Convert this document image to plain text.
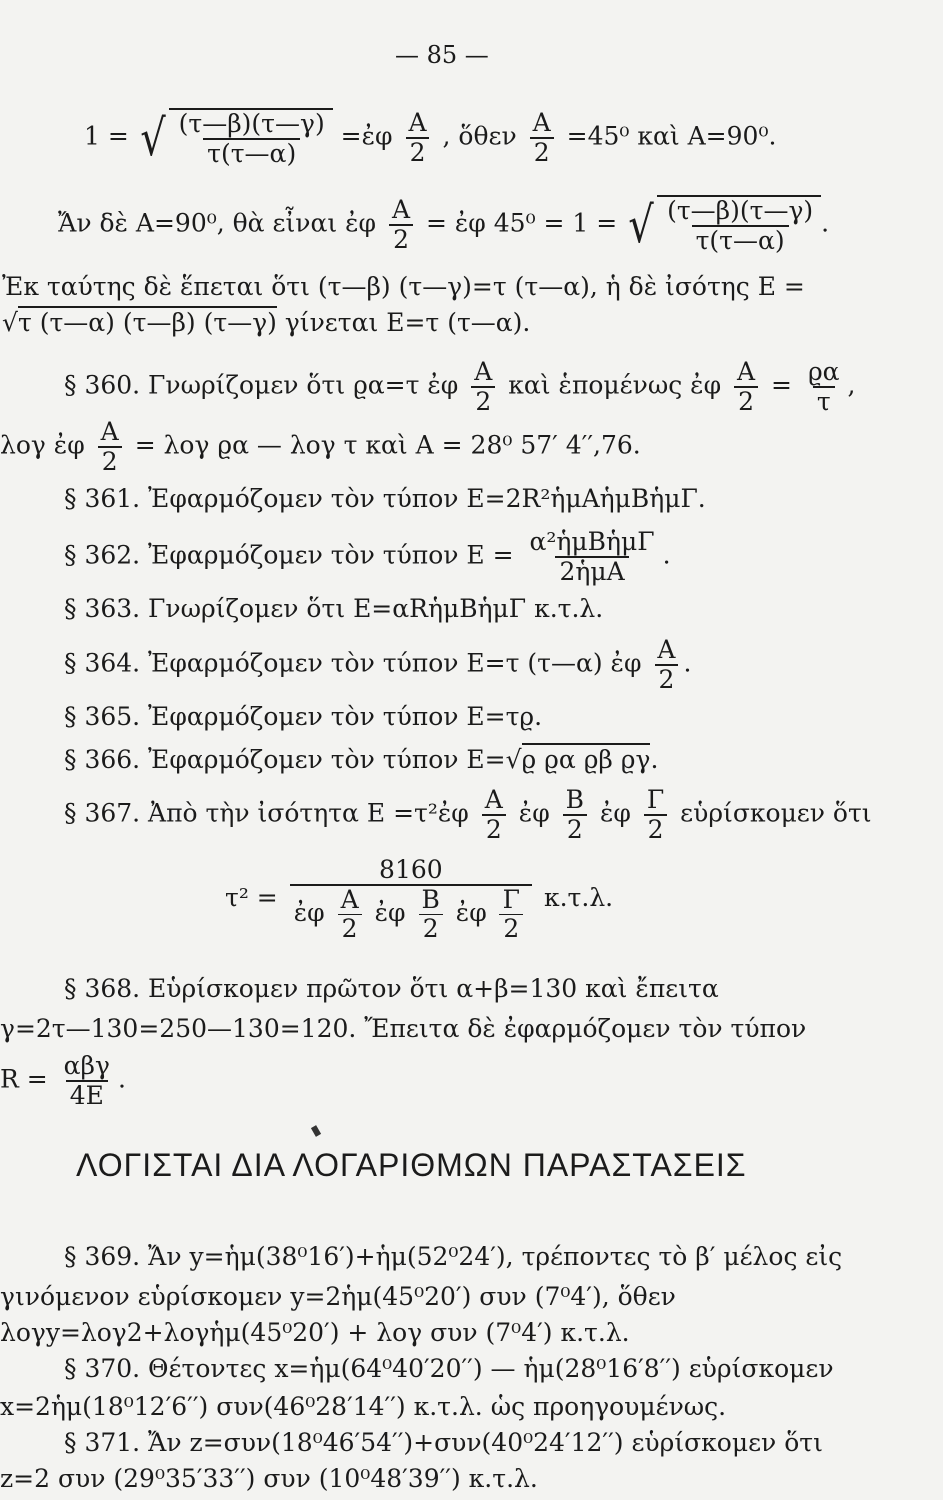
— 85 —
1 = √ $\frac{(\tau—\beta)(\tau—\gamma)}{\tau(\tau—\alpha)}$ =ἐφ $\frac{A}{2}$ , ὅθεν $\frac{A}{2} =45^0$ καὶ A=90⁰.
Ἄν δὲ A=90⁰, θὰ εἶναι ἐφ $\frac{A}{2}$ = ἐφ 45⁰ = 1 = √ $\frac{(\tau—\beta)(\tau—\gamma)}{\tau(\tau—\alpha)}$ .
Ἐκ ταύτης δὲ ἕπεται ὅτι (τ—β) (τ—γ)=τ (τ—α), ἡ δὲ ἰσότης E =
√τ (τ—α) (τ—β) (τ—γ) γίνεται E=τ (τ—α).
§ 360. Γνωρίζομεν ὅτι ϱα=τ ἐφ $\frac{A}{2}$ καὶ ἑπομένως ἐφ $\frac{A}{2} = \frac{ϱ\alpha}{\tau}$ ,
λογ ἐφ $\frac{A}{2} = \lambda o\gamma$ ϱα — λογ τ καὶ A = 28⁰ 57′ 4′′,76.
§ 361. Ἐφαρμόζομεν τὸν τύπον E=2R²ἡμAἡμBἡμΓ.
§ 362. Ἐφαρμόζομεν τὸν τύπον $E = \frac{\text{α²ἡμBἡμΓ}}{\text{2ἡμA}}$ .
§ 363. Γνωρίζομεν ὅτι E=αRἡμBἡμΓ κ.τ.λ.
§ 364. Ἐφαρμόζομεν τὸν τύπον E=τ (τ—α) ἐφ $\frac{A}{2}$ .
§ 365. Ἐφαρμόζομεν τὸν τύπον E=τϱ.
§ 366. Ἐφαρμόζομεν τὸν τύπον E=√ϱ ϱα ϱβ ϱγ.
§ 367. Ἀπὸ τὴν ἰσότητα E =τ²ἐφ $\frac{A}{2}$ ἐφ $\frac{B}{2}$ ἐφ $\frac{\Gamma}{2}$ εὑρίσκομεν ὅτι
$\tau^2 = \frac{8160}{ἐ\varphi \frac{A}{2} ἐ\varphi \frac{B}{2} ἐ\varphi \frac{\Gamma}{2}} \kappa.\tau.\lambda$.
§ 368. Εὑρίσκομεν πρῶτον ὅτι α+β=130 καὶ ἔπειτα
γ=2τ—130=250—130=120. Ἔπειτα δὲ ἐφαρμόζομεν τὸν τύπον
$R = \frac{\text{αβγ}}{4E}$ .
ΛΟΓΙΣΤΑΙ ΔΙΑ ΛΟΓΑΡΙΘΜΩΝ ΠΑΡΑΣΤΑΣΕΙΣ
§ 369. Ἄν y=ἡμ(38⁰16′)+ἡμ(52⁰24′), τρέποντες τὸ β′ μέλος εἰς
γινόμενον εὑρίσκομεν y=2ἡμ(45⁰20′) συν (7⁰4′), ὅθεν
λογy=λογ2+λογἡμ(45⁰20′) + λογ συν (7⁰4′) κ.τ.λ.
§ 370. Θέτοντες x=ἡμ(64⁰40′20′′) — ἡμ(28⁰16′8′′) εὑρίσκομεν
x=2ἡμ(18⁰12′6′′) συν(46⁰28′14′′) κ.τ.λ. ὡς προηγουμένως.
§ 371. Ἄν z=συν(18⁰46′54′′)+συν(40⁰24′12′′) εὑρίσκομεν ὅτι
z=2 συν (29⁰35′33′′) συν (10⁰48′39′′) κ.τ.λ.
